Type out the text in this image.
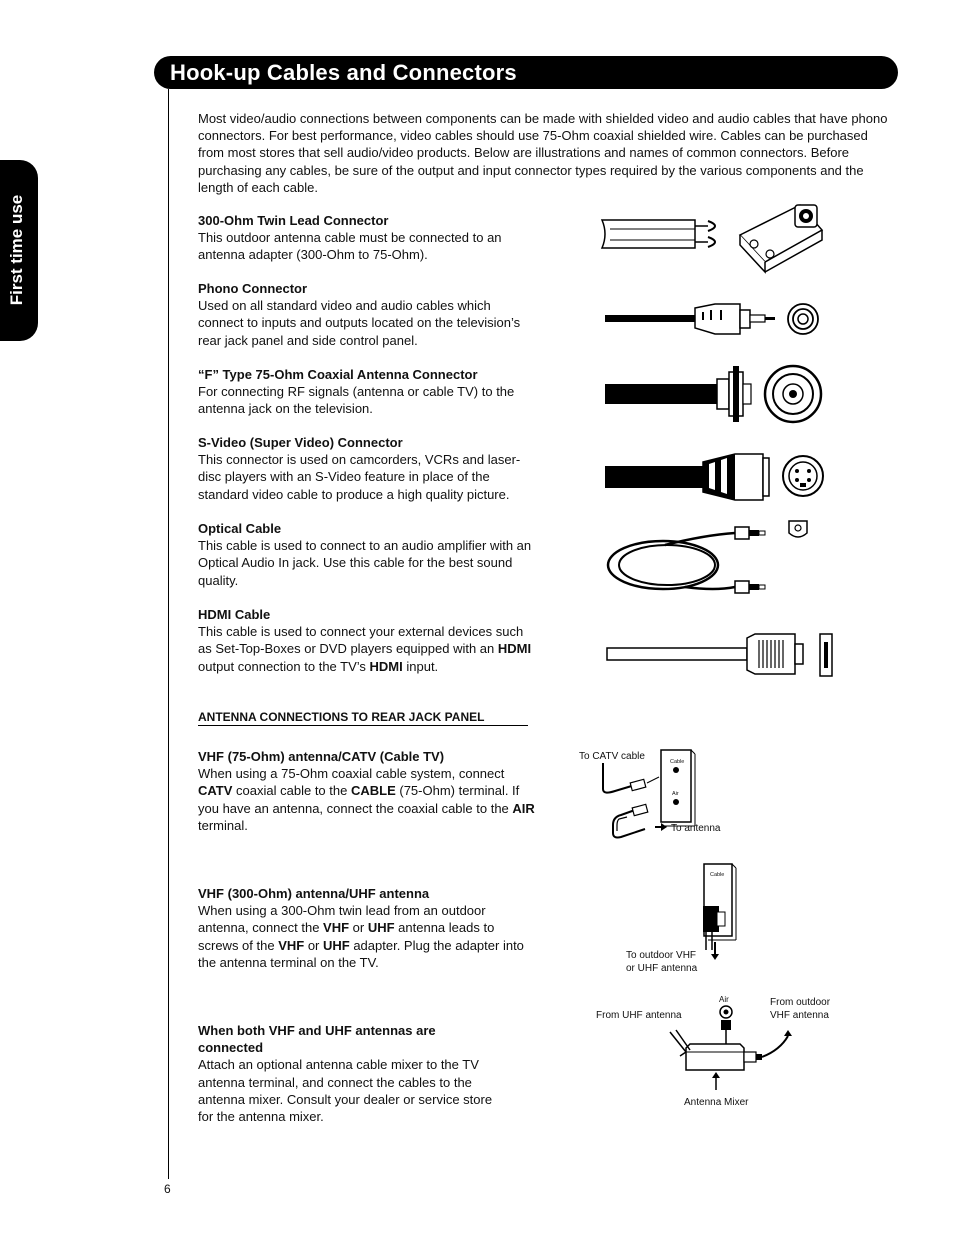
Hook-up Cables and Connectors
First time use
6
Most video/audio connections between components can be made with shielded video and audio cables that have phono connectors. For best performance, video cables should use 75-Ohm coaxial shielded wire. Cables can be purchased from most stores that sell audio/video products. Below are illustrations and names of common connectors. Before purchasing any cables, be sure of the output and input connector types required by the various components and the length of each cable.
300-Ohm Twin Lead Connector
This outdoor antenna cable must be connected to an antenna adapter (300-Ohm to 75-Ohm).
Phono Connector
Used on all standard video and audio cables which connect to inputs and outputs located on the television’s rear jack panel and side control panel.
“F” Type 75-Ohm Coaxial Antenna Connector
For connecting RF signals (antenna or cable TV) to the antenna jack on the television.
S-Video (Super Video) Connector
This connector is used on camcorders, VCRs and laser-disc players with an S-Video feature in place of the standard video cable to produce a high quality picture.
Optical Cable
This cable is used to connect to an audio amplifier with an Optical Audio In jack. Use this cable for the best sound quality.
HDMI Cable
This cable is used to connect your external devices such as Set-Top-Boxes or DVD players equipped with an HDMI output connection to the TV’s HDMI input.
ANTENNA CONNECTIONS TO REAR JACK PANEL
VHF (75-Ohm) antenna/CATV (Cable TV)
When using a 75-Ohm coaxial cable system, connect CATV coaxial cable to the CABLE (75-Ohm) terminal. If you have an antenna, connect the coaxial cable to the AIR terminal.
VHF (300-Ohm) antenna/UHF antenna
When using a 300-Ohm twin lead from an outdoor antenna, connect the VHF or UHF antenna leads to screws of the VHF or UHF adapter. Plug the adapter into the antenna terminal on the TV.
When both VHF and UHF antennas are connected
Attach an optional antenna cable mixer to the TV antenna terminal, and connect the cables to the antenna mixer. Consult your dealer or service store for the antenna mixer.
To CATV cable	Cable
Air
To antenna
Cable
To outdoor VHF
or UHF antenna
Air
From UHF antenna
From outdoor
VHF antenna
Antenna Mixer
